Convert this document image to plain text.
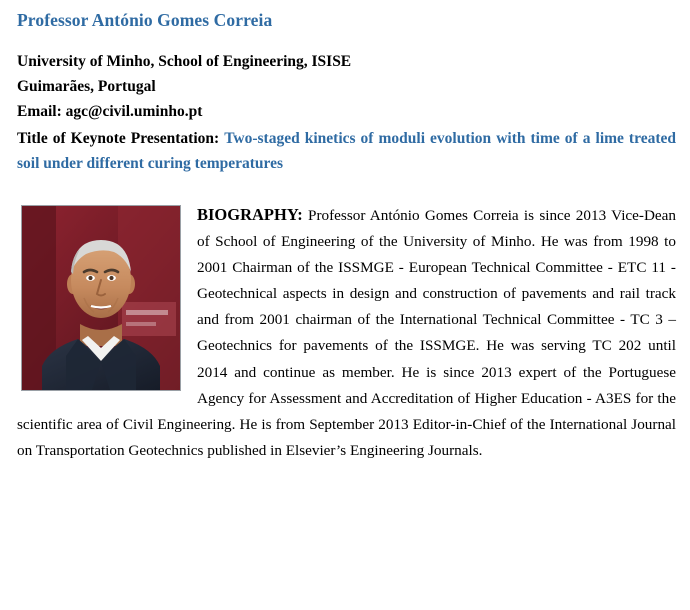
Professor António Gomes Correia
University of Minho, School of Engineering, ISISE
Guimarães, Portugal
Email: agc@civil.uminho.pt
Title of Keynote Presentation: Two-staged kinetics of moduli evolution with time of a lime treated soil under different curing temperatures
BIOGRAPHY: Professor António Gomes Correia is since 2013 Vice-Dean of School of Engineering of the University of Minho. He was from 1998 to 2001 Chairman of the ISSMGE - European Technical Committee - ETC 11 - Geotechnical aspects in design and construction of pavements and rail track and from 2001 chairman of the International Technical Committee - TC 3 – Geotechnics for pavements of the ISSMGE. He was serving TC 202 until 2014 and continue as member. He is since 2013 expert of the Portuguese Agency for Assessment and Accreditation of Higher Education - A3ES for the scientific area of Civil Engineering. He is from September 2013 Editor-in-Chief of the International Journal on Transportation Geotechnics published in Elsevier’s Engineering Journals.
